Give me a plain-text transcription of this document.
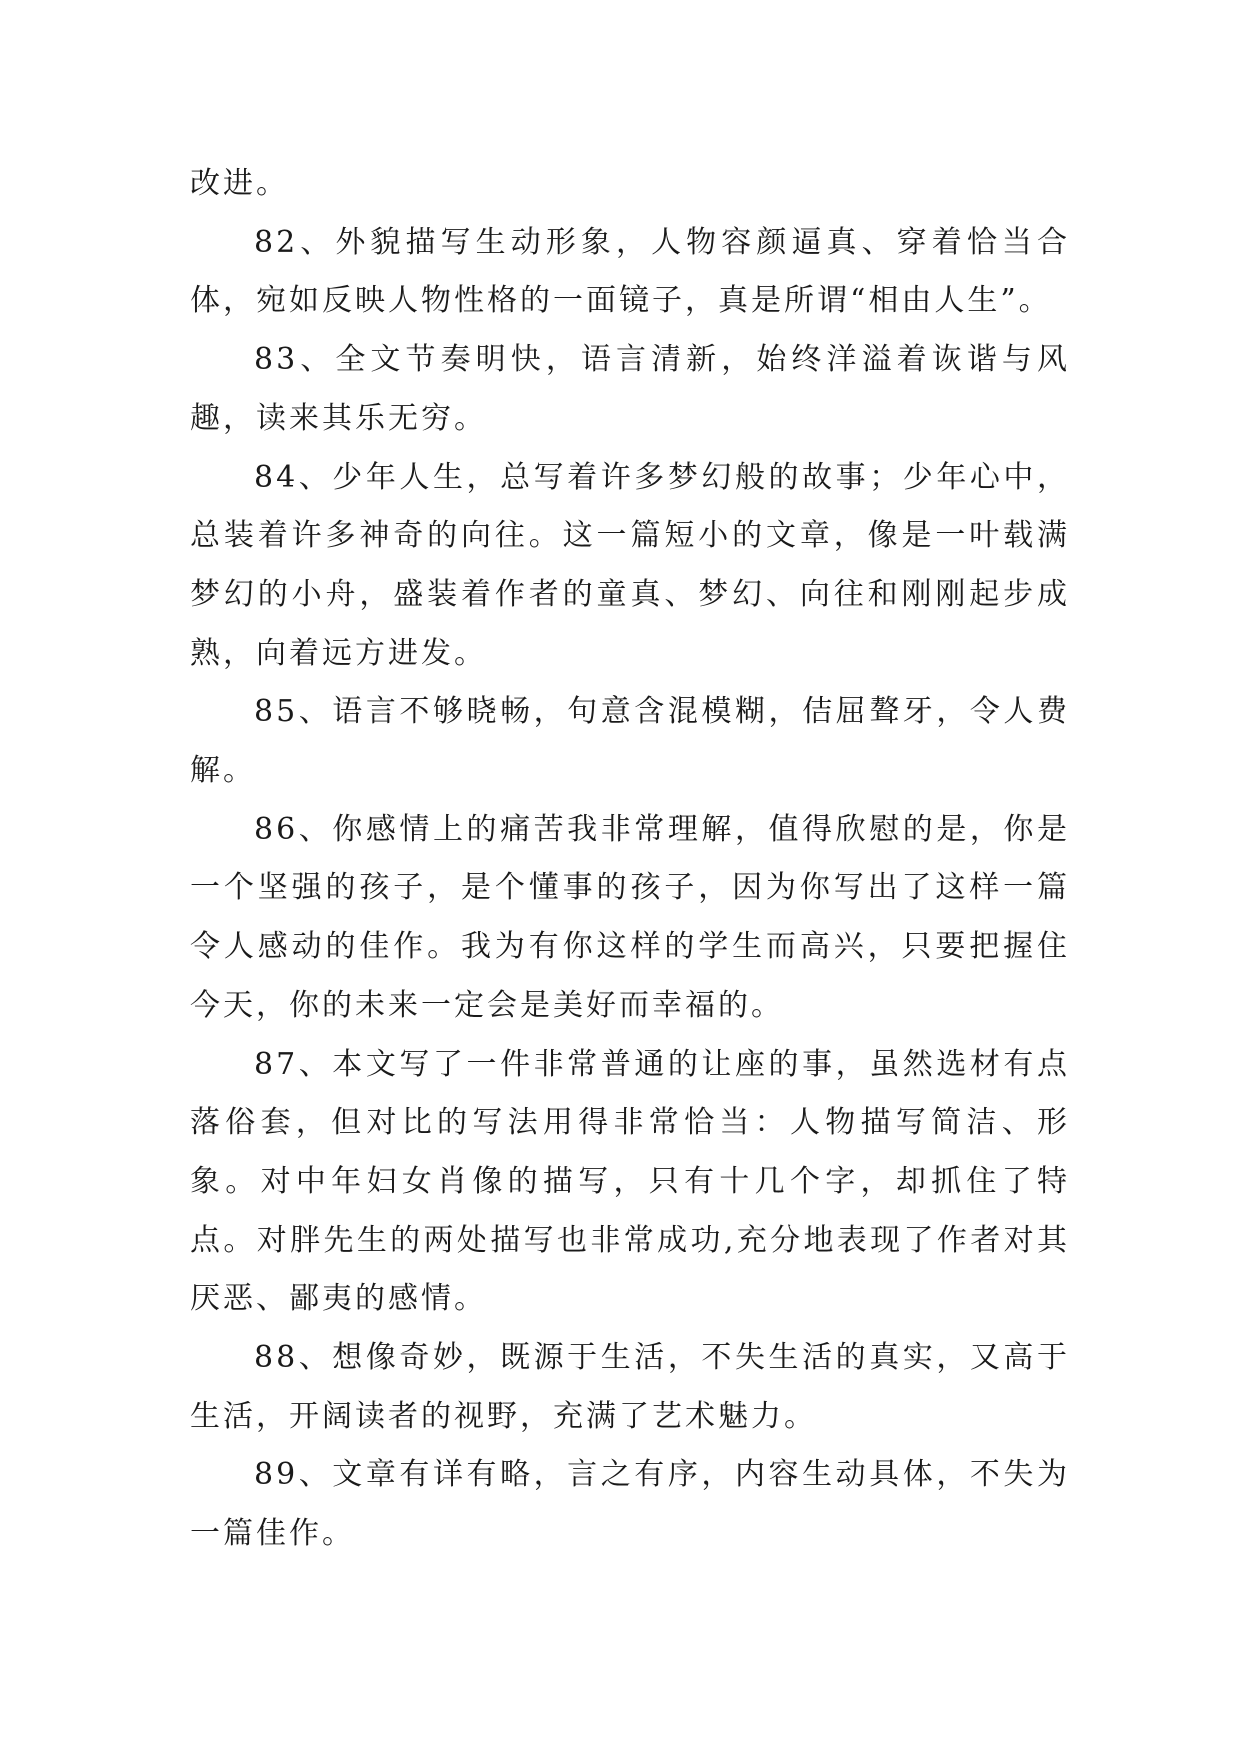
改进。

82、外貌描写生动形象，人物容颜逼真、穿着恰当合体，宛如反映人物性格的一面镜子，真是所谓“相由人生”。

83、全文节奏明快，语言清新，始终洋溢着诙谐与风趣，读来其乐无穷。

84、少年人生，总写着许多梦幻般的故事；少年心中，总装着许多神奇的向往。这一篇短小的文章，像是一叶载满梦幻的小舟，盛装着作者的童真、梦幻、向往和刚刚起步成熟，向着远方进发。

85、语言不够晓畅，句意含混模糊，佶屈聱牙，令人费解。

86、你感情上的痛苦我非常理解，值得欣慰的是，你是一个坚强的孩子，是个懂事的孩子，因为你写出了这样一篇令人感动的佳作。我为有你这样的学生而高兴，只要把握住今天，你的未来一定会是美好而幸福的。

87、本文写了一件非常普通的让座的事，虽然选材有点落俗套，但对比的写法用得非常恰当：人物描写简洁、形象。对中年妇女肖像的描写，只有十几个字，却抓住了特点。对胖先生的两处描写也非常成功,充分地表现了作者对其厌恶、鄙夷的感情。

88、想像奇妙，既源于生活，不失生活的真实，又高于生活，开阔读者的视野，充满了艺术魅力。

89、文章有详有略，言之有序，内容生动具体，不失为一篇佳作。
